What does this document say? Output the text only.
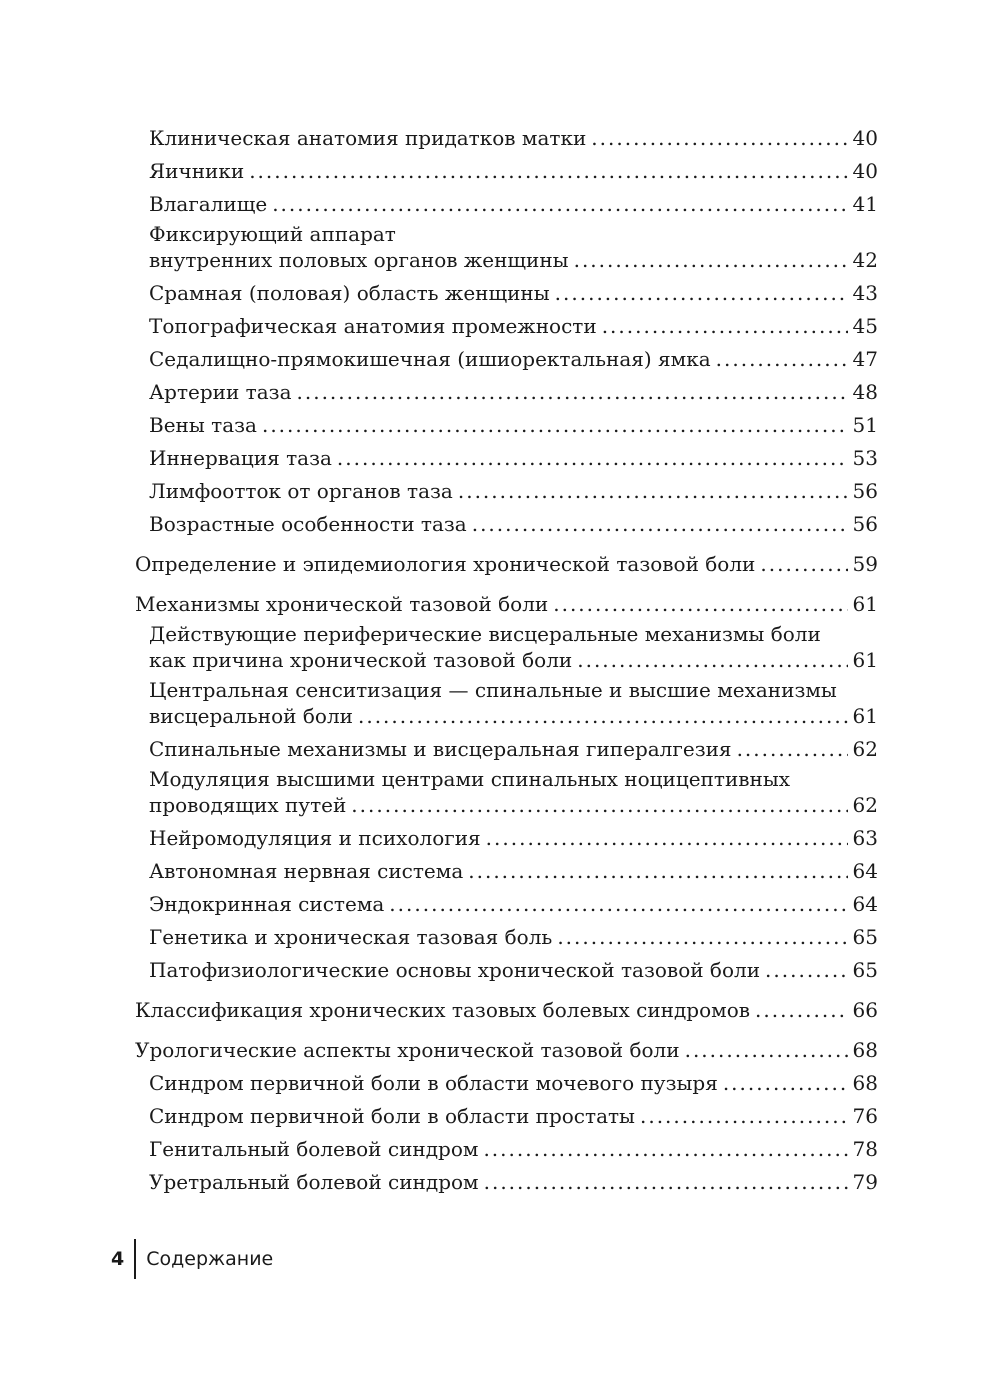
Клиническая анатомия придатков матки .....	40
Яичники .....	40
Влагалище .....	41
Фиксирующий аппарат
внутренних половых органов женщины .....	42
Срамная (половая) область женщины .....	43
Топографическая анатомия промежности .....	45
Седалищно-прямокишечная (ишиоректальная) ямка .....	47
Артерии таза .....	48
Вены таза .....	51
Иннервация таза .....	53
Лимфоотток от органов таза .....	56
Возрастные особенности таза .....	56
Определение и эпидемиология хронической тазовой боли .....	59
Механизмы хронической тазовой боли .....	61
Действующие периферические висцеральные механизмы боли
как причина хронической тазовой боли .....	61
Центральная сенситизация — спинальные и высшие механизмы
висцеральной боли .....	61
Спинальные механизмы и висцеральная гипералгезия .....	62
Модуляция высшими центрами спинальных ноцицептивных
проводящих путей .....	62
Нейромодуляция и психология .....	63
Автономная нервная система .....	64
Эндокринная система .....	64
Генетика и хроническая тазовая боль .....	65
Патофизиологические основы хронической тазовой боли .....	65
Классификация хронических тазовых болевых синдромов .....	66
Урологические аспекты хронической тазовой боли .....	68
Синдром первичной боли в области мочевого пузыря .....	68
Синдром первичной боли в области простаты .....	76
Генитальный болевой синдром .....	78
Уретральный болевой синдром .....	79
4	Содержание
